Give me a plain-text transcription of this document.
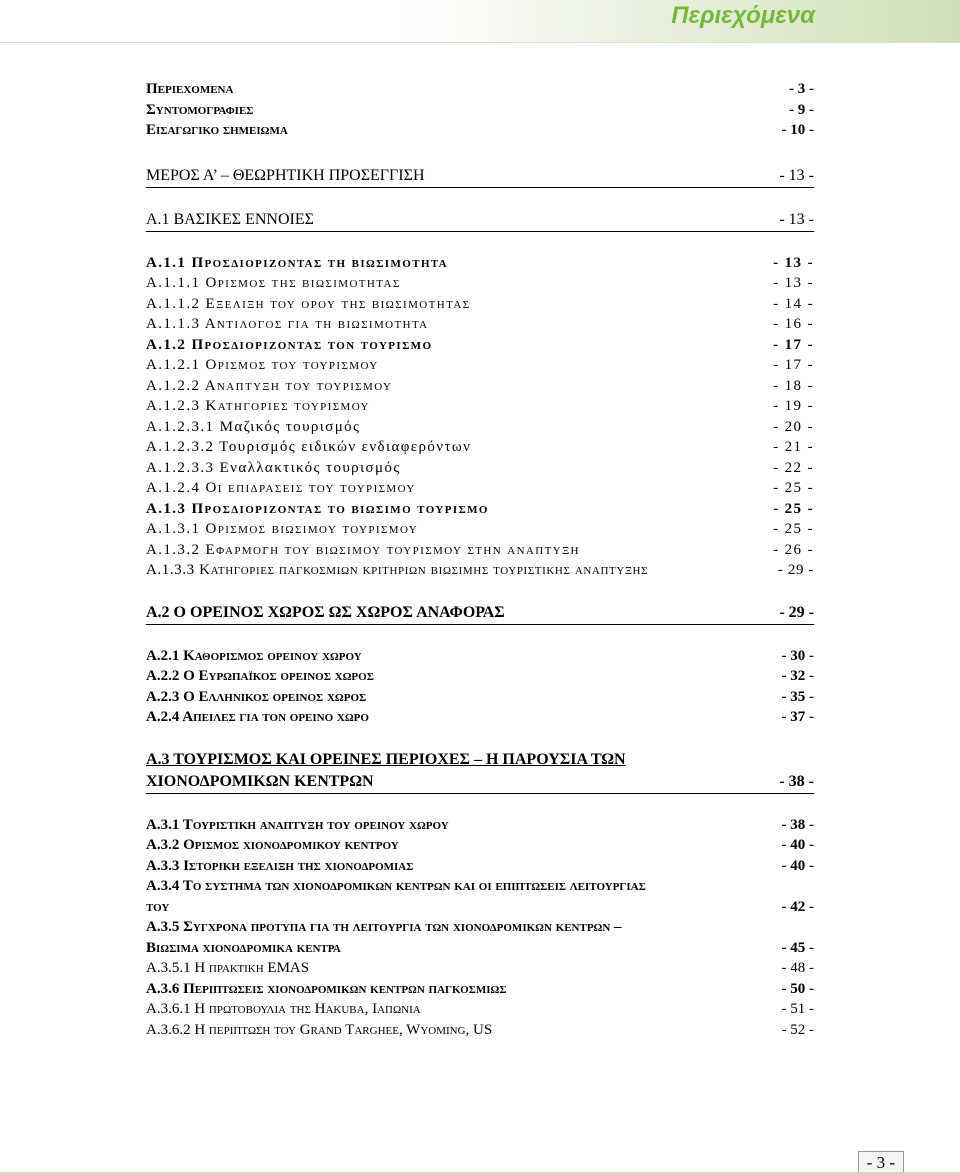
Περιεχόμενα
Περιεχομενα	- 3 -
Συντομογραφιες	- 9 -
Εισαγωγικο σημειωμα	- 10 -
ΜΕΡΟΣ Α’ – ΘΕΩΡΗΤΙΚΗ ΠΡΟΣΕΓΓΙΣΗ	- 13 -
Α.1 ΒΑΣΙΚΕΣ ΕΝΝΟΙΕΣ	- 13 -
Α.1.1 Προσδιοριζοντας τη βιωσιμοτητα	- 13 -
Α.1.1.1 Ορισμος της βιωσιμοτητας	- 13 -
Α.1.1.2 Εξελιξη του ορου της βιωσιμοτητας	- 14 -
Α.1.1.3 Αντιλογος για τη βιωσιμοτητα	- 16 -
Α.1.2 Προσδιοριζοντας τον τουρισμο	- 17 -
Α.1.2.1 Ορισμος του τουρισμου	- 17 -
Α.1.2.2 Αναπτυξη του τουρισμου	- 18 -
Α.1.2.3 Κατηγοριες τουρισμου	- 19 -
Α.1.2.3.1 Μαζικός τουρισμός	- 20 -
Α.1.2.3.2 Τουρισμός ειδικών ενδιαφερόντων	- 21 -
Α.1.2.3.3 Εναλλακτικός τουρισμός	- 22 -
Α.1.2.4 Οι επιδρασεις του τουρισμου	- 25 -
Α.1.3 Προσδιοριζοντας το βιωσιμο τουρισμο	- 25 -
Α.1.3.1 Ορισμος βιωσιμου τουρισμου	- 25 -
Α.1.3.2 Εφαρμογη του βιωσιμου τουρισμου στην αναπτυξη	- 26 -
Α.1.3.3 Κατηγοριες παγκοσμιων κριτηριων βιωσιμης τουριστικης αναπτυξης	- 29 -
Α.2 Ο ΟΡΕΙΝΟΣ ΧΩΡΟΣ ΩΣ ΧΩΡΟΣ ΑΝΑΦΟΡΑΣ	- 29 -
Α.2.1 Καθορισμος ορεινου χωρου	- 30 -
Α.2.2 Ο Ευρωπαϊκος ορεινος χωρος	- 32 -
Α.2.3 Ο Ελληνικος ορεινος χωρος	- 35 -
Α.2.4 Απειλες για τον ορεινο χωρο	- 37 -
Α.3 ΤΟΥΡΙΣΜΟΣ ΚΑΙ ΟΡΕΙΝΕΣ ΠΕΡΙΟΧΕΣ – Η ΠΑΡΟΥΣΙΑ ΤΩΝ
ΧΙΟΝΟΔΡΟΜΙΚΩΝ ΚΕΝΤΡΩΝ	- 38 -
Α.3.1 Τουριστικη αναπτυξη του ορεινου χωρου	- 38 -
Α.3.2 Ορισμος χιονοδρομικου κεντρου	- 40 -
Α.3.3 Ιστορικη εξελιξη της χιονοδρομιας	- 40 -
Α.3.4 Το συστημα των χιονοδρομικων κεντρων και οι επιπτωσεις λειτουργιας
του	- 42 -
Α.3.5 Συγχρονα προτυπα για τη λειτουργια των χιονοδρομικων κεντρων –
Βιωσιμα χιονοδρομικα κεντρα	- 45 -
Α.3.5.1 Η πρακτικη EMAS	- 48 -
Α.3.6 Περιπτωσεις χιονοδρομικων κεντρων παγκοσμιως	- 50 -
Α.3.6.1 Η πρωτοβουλια της Hakuba, Ιαπωνια	- 51 -
Α.3.6.2 Η περιπτωση του Grand Targhee, Wyoming, US	- 52 -
- 3 -
